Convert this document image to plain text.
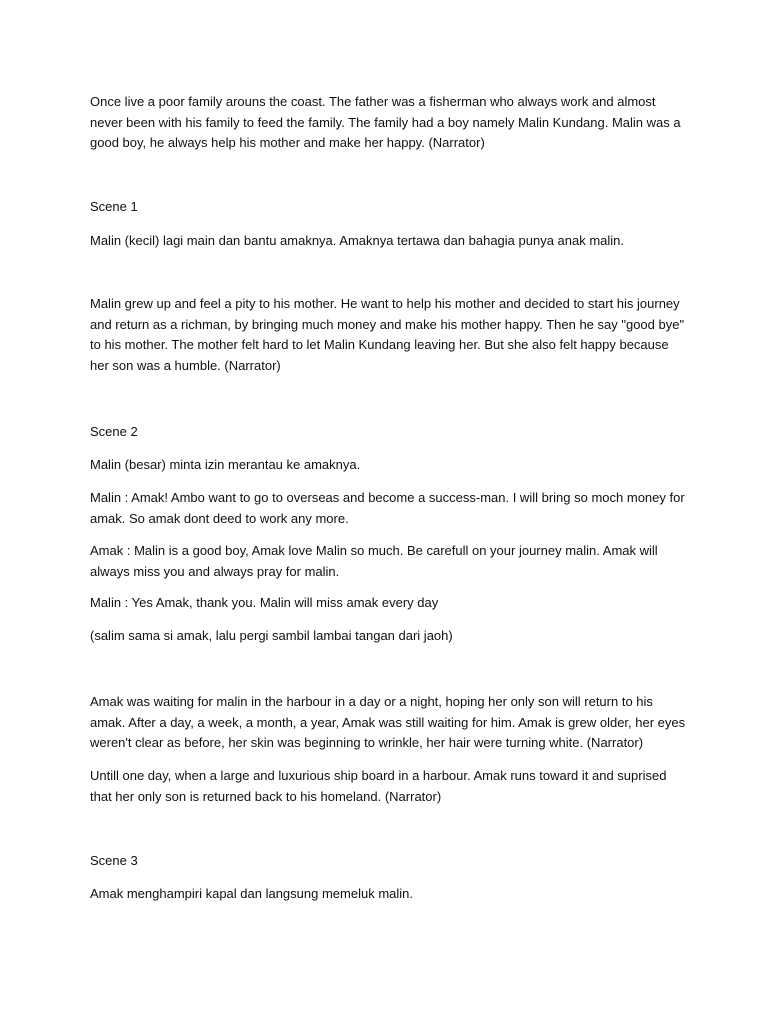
Once live a poor family arouns the coast. The father was a fisherman who always work and almost never been with his family to feed the family. The family had a boy namely Malin Kundang. Malin was a good boy, he always help his mother and make her happy. (Narrator)

Scene 1

Malin (kecil) lagi main dan bantu amaknya. Amaknya tertawa dan bahagia punya anak malin.

Malin grew up and feel a pity to his mother. He want to help his mother and decided to start his journey and return as a richman, by bringing much money and make his mother happy. Then he say "good bye" to his mother. The mother felt hard to let Malin Kundang leaving her. But she also felt happy because her son was a humble. (Narrator)

Scene 2

Malin (besar) minta izin merantau ke amaknya.

Malin : Amak! Ambo want to go to overseas and become a success-man. I will bring so moch money for amak. So amak dont deed to work any more.

Amak : Malin is a good boy, Amak love Malin so much. Be carefull on your journey malin. Amak will always miss you and always pray for malin.

Malin : Yes Amak, thank you. Malin will miss amak every day

(salim sama si amak, lalu pergi sambil lambai tangan dari jaoh)

Amak was waiting for malin in the harbour in a day or a night, hoping her only son will return to his amak. After a day, a week, a month, a year, Amak was still waiting for him. Amak is grew older, her eyes weren't clear as before, her skin was beginning to wrinkle, her hair were turning white. (Narrator)

Untill one day, when a large and luxurious ship board in a harbour. Amak runs toward it and suprised that her only son is returned back to his homeland. (Narrator)

Scene 3

Amak menghampiri kapal dan langsung memeluk malin.
